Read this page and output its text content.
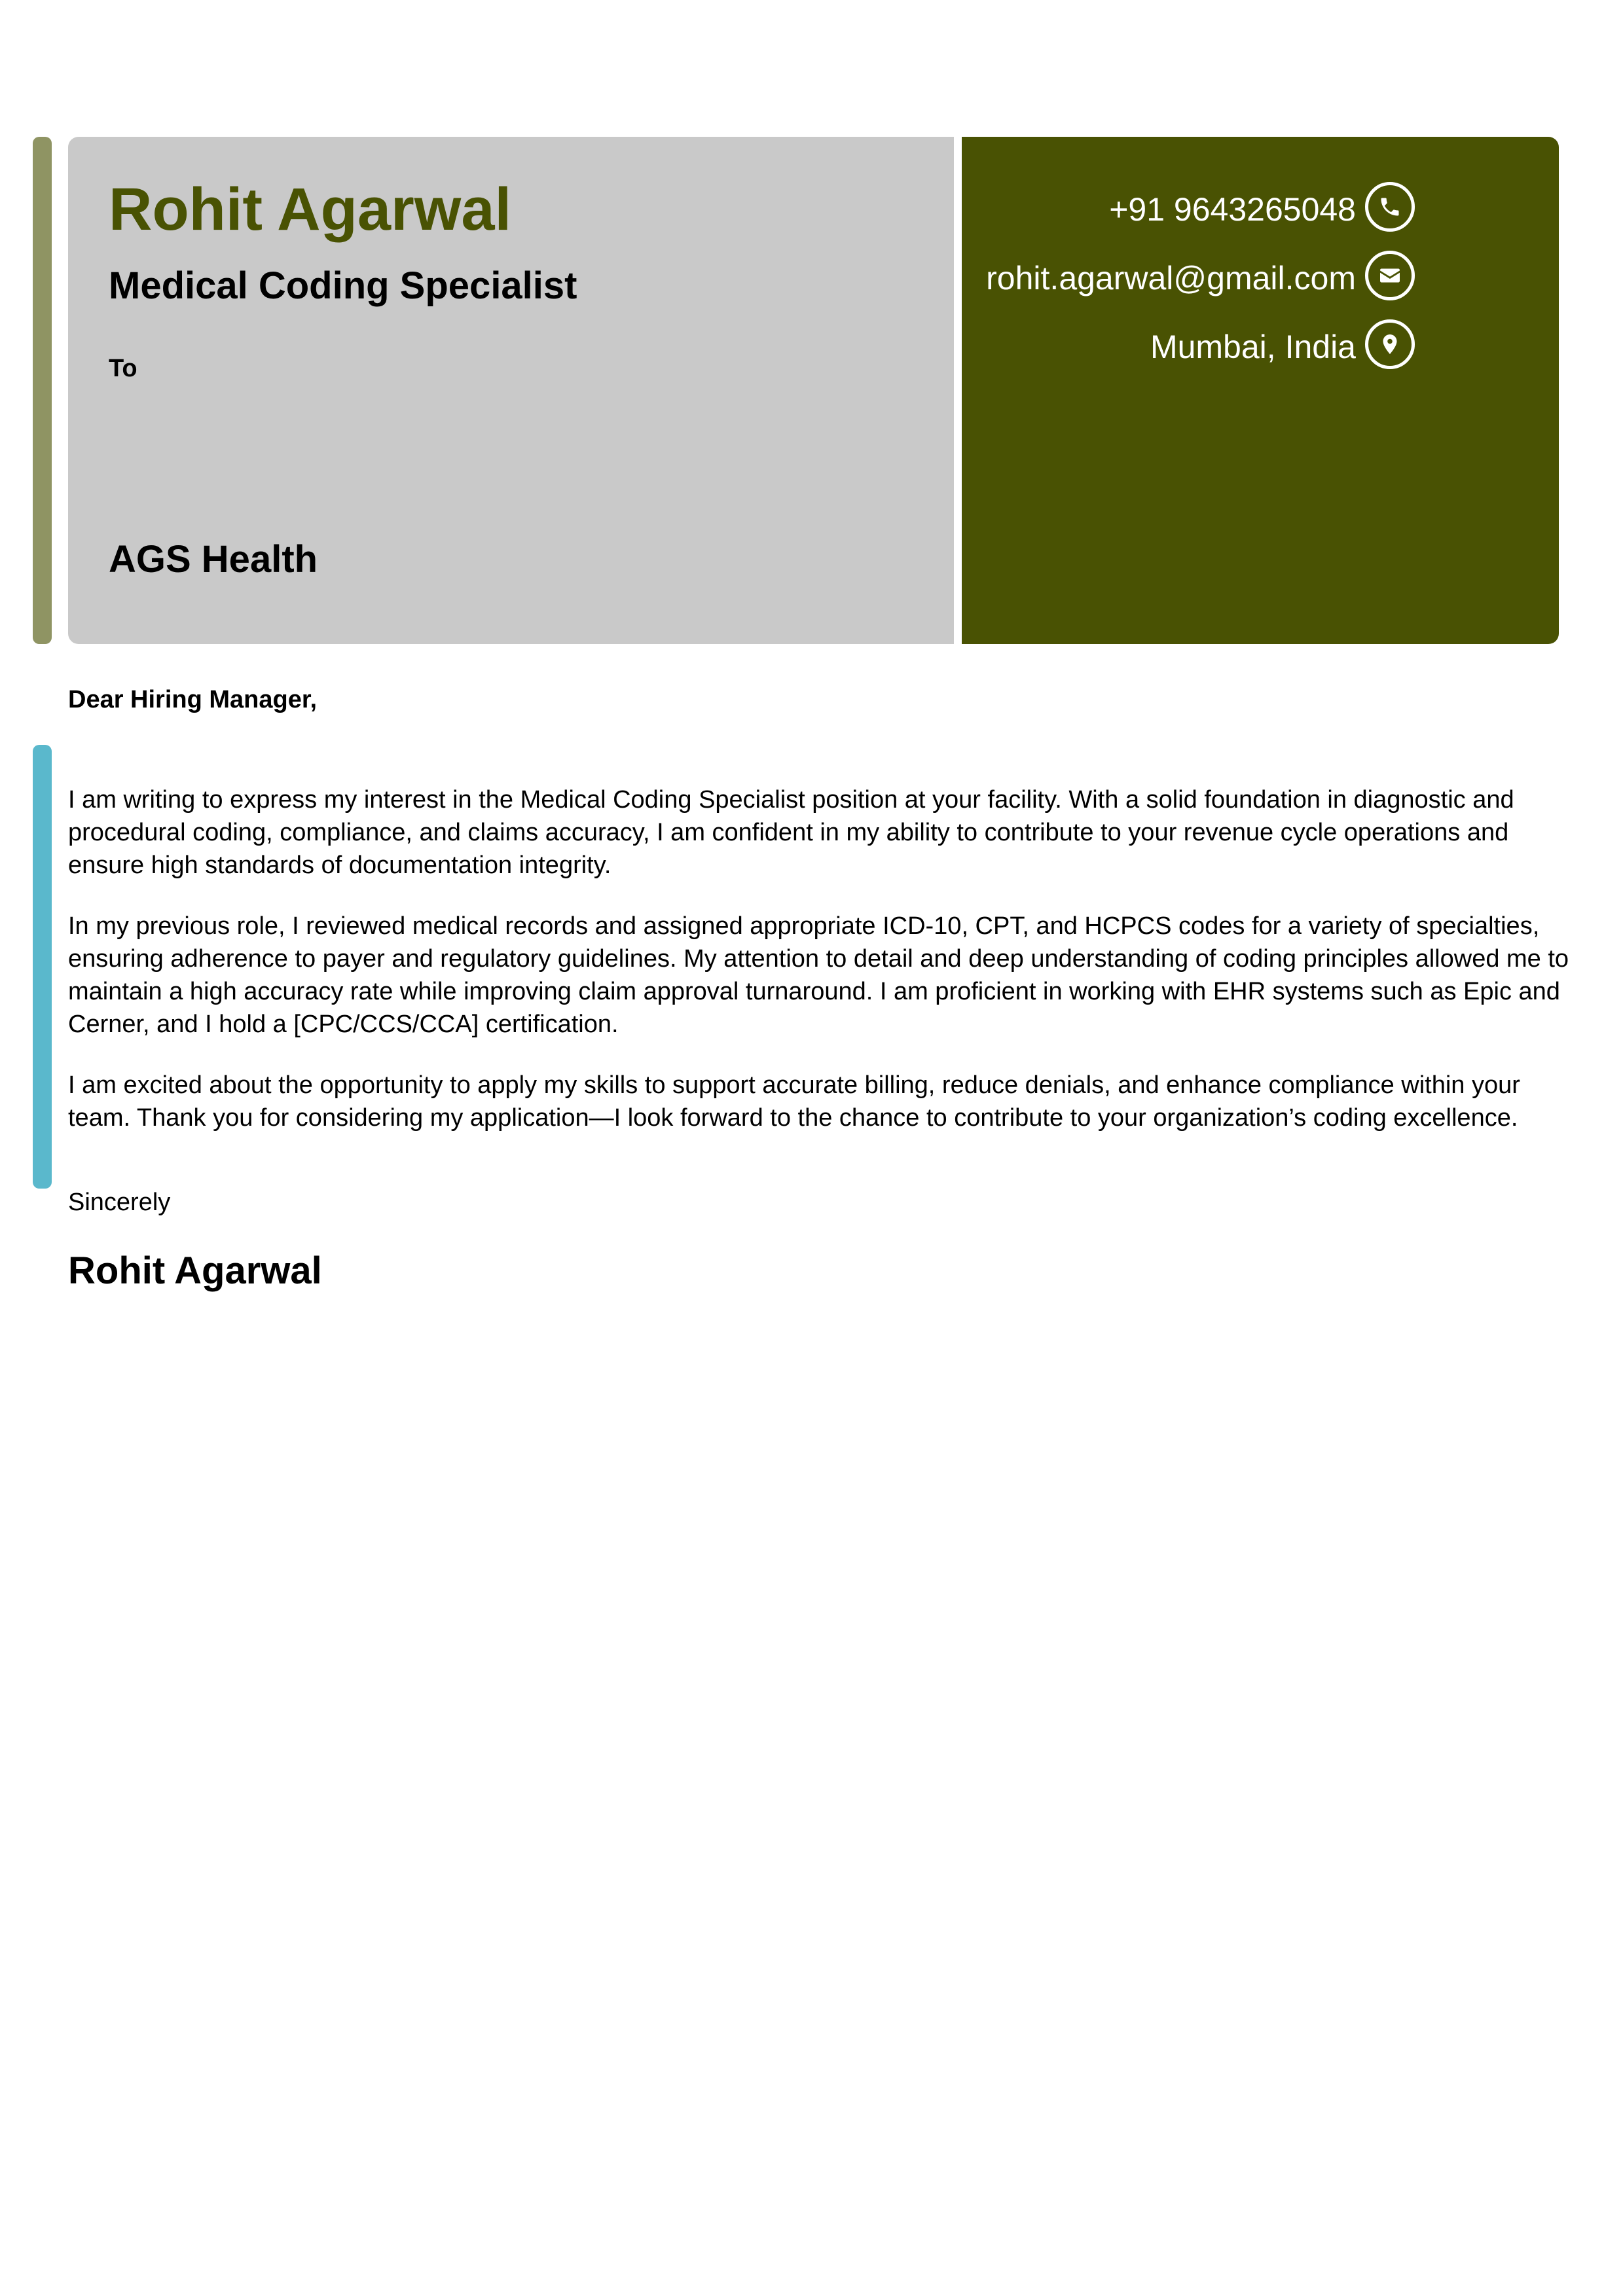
Rohit Agarwal
Medical Coding Specialist
To
AGS Health
+91 9643265048
rohit.agarwal@gmail.com
Mumbai, India
Dear Hiring Manager,

I am writing to express my interest in the Medical Coding Specialist position at your facility. With a solid foundation in diagnostic and procedural coding, compliance, and claims accuracy, I am confident in my ability to contribute to your revenue cycle operations and ensure high standards of documentation integrity.

In my previous role, I reviewed medical records and assigned appropriate ICD-10, CPT, and HCPCS codes for a variety of specialties, ensuring adherence to payer and regulatory guidelines. My attention to detail and deep understanding of coding principles allowed me to maintain a high accuracy rate while improving claim approval turnaround. I am proficient in working with EHR systems such as Epic and Cerner, and I hold a [CPC/CCS/CCA] certification.

I am excited about the opportunity to apply my skills to support accurate billing, reduce denials, and enhance compliance within your team. Thank you for considering my application—I look forward to the chance to contribute to your organization’s coding excellence.

Sincerely
Rohit Agarwal
